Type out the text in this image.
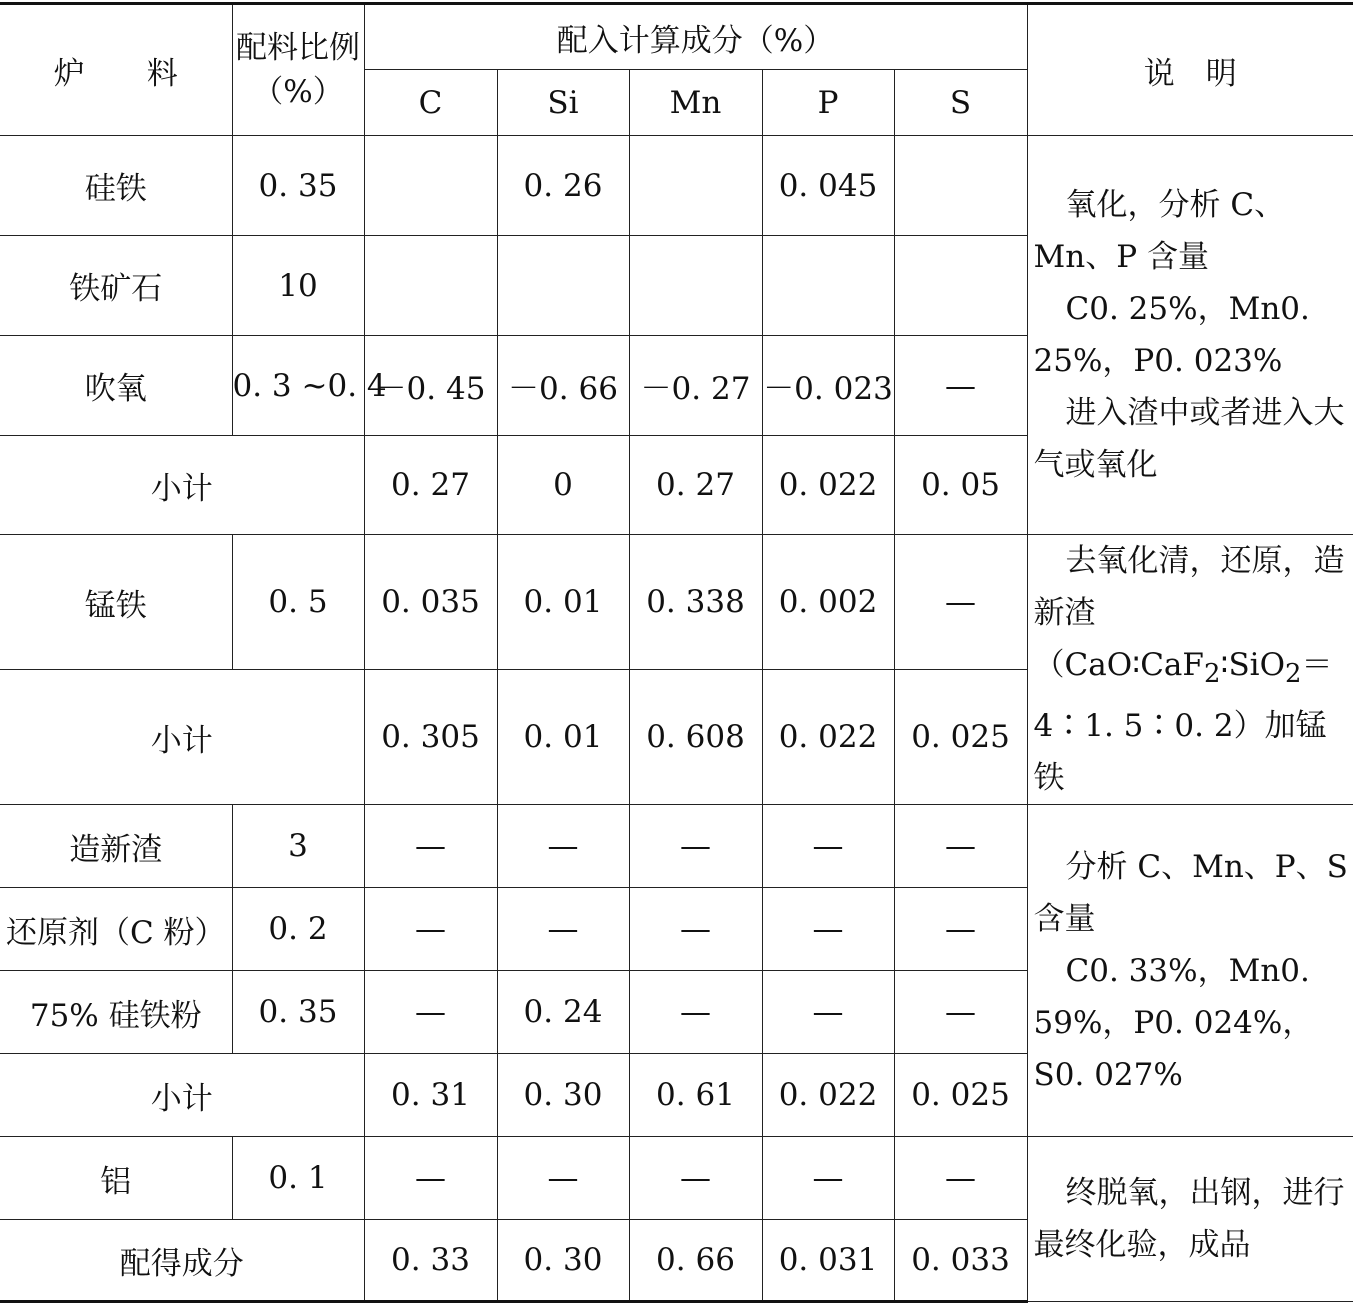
炉　　料	配料比例
（%）	配入计算成分（%）					说　明
		C	Si	Mn	P	S	
硅铁	0. 35		0. 26		0. 045		氧化，分析 C、Mn、P 含量

C0. 25%，Mn0. 25%，P0. 023%

进入渣中或者进入大气或氧化

铁矿石	10						
吹氧	0. 3 ~0. 4	－0. 45	－0. 66	－0. 27	－0. 023	—	
小计		0. 27	0	0. 27	0. 022	0. 05	
锰铁	0. 5	0. 035	0. 01	0. 338	0. 002	—	去氧化清，还原，造新渣（CaO∶CaF$_2$∶SiO$_2$＝4∶1. 5∶0. 2）加锰铁

小计		0. 305	0. 01	0. 608	0. 022	0. 025	
造新渣	3	—	—	—	—	—	分析 C、Mn、P、S 含量

C0. 33%，Mn0. 59%，P0. 024%，S0. 027%

还原剂（C 粉）	0. 2	—	—	—	—	—	
75% 硅铁粉	0. 35	—	0. 24	—	—	—	
小计		0. 31	0. 30	0. 61	0. 022	0. 025	
铝	0. 1	—	—	—	—	—	终脱氧，出钢，进行最终化验，成品

配得成分		0. 33	0. 30	0. 66	0. 031	0. 033	
